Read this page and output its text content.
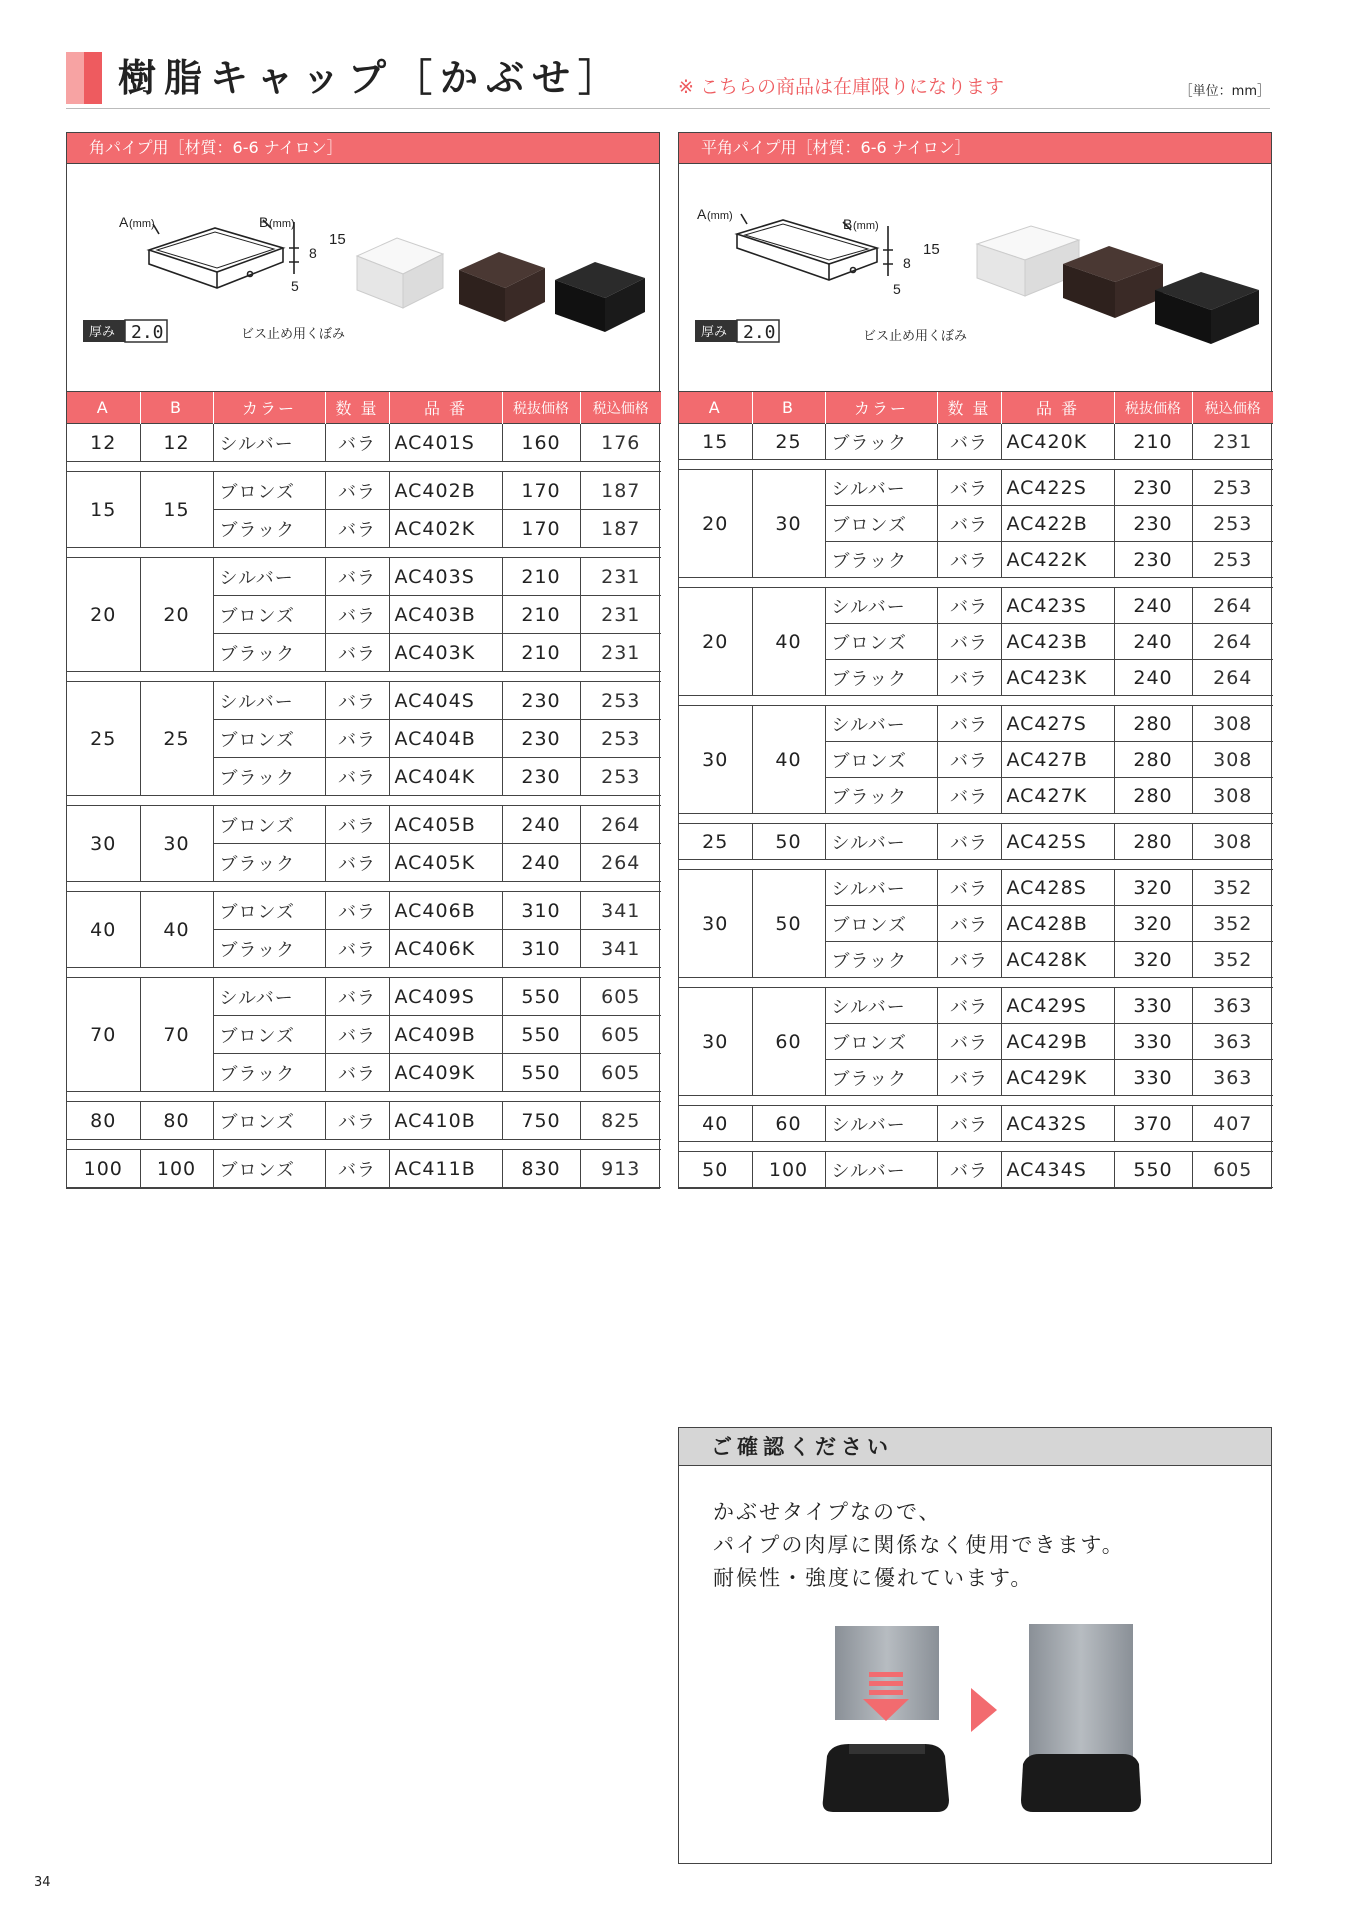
樹脂キャップ［かぶせ］	※ こちらの商品は在庫限りになります	［単位：mm］
角パイプ用［材質：6-6 ナイロン］
A (mm)	B (mm)
15
8
5
厚み 2.0	ビス止め用くぼみ
A	B	カラー	数 量	品 番	税抜価格	税込価格
12	12	シルバー	バラ	AC401S	160	176

15	15	ブロンズ	バラ	AC402B	170	187
		ブラック	バラ	AC402K	170	187

20	20	シルバー	バラ	AC403S	210	231
		ブロンズ	バラ	AC403B	210	231
		ブラック	バラ	AC403K	210	231

25	25	シルバー	バラ	AC404S	230	253
		ブロンズ	バラ	AC404B	230	253
		ブラック	バラ	AC404K	230	253

30	30	ブロンズ	バラ	AC405B	240	264
		ブラック	バラ	AC405K	240	264

40	40	ブロンズ	バラ	AC406B	310	341
		ブラック	バラ	AC406K	310	341

70	70	シルバー	バラ	AC409S	550	605
		ブロンズ	バラ	AC409B	550	605
		ブラック	バラ	AC409K	550	605

80	80	ブロンズ	バラ	AC410B	750	825

100	100	ブロンズ	バラ	AC411B	830	913
平角パイプ用［材質：6-6 ナイロン］
A (mm)	B (mm)
15
8
5
厚み 2.0	ビス止め用くぼみ
A	B	カラー	数 量	品 番	税抜価格	税込価格
15	25	ブラック	バラ	AC420K	210	231

20	30	シルバー	バラ	AC422S	230	253
		ブロンズ	バラ	AC422B	230	253
		ブラック	バラ	AC422K	230	253

20	40	シルバー	バラ	AC423S	240	264
		ブロンズ	バラ	AC423B	240	264
		ブラック	バラ	AC423K	240	264

30	40	シルバー	バラ	AC427S	280	308
		ブロンズ	バラ	AC427B	280	308
		ブラック	バラ	AC427K	280	308

25	50	シルバー	バラ	AC425S	280	308

30	50	シルバー	バラ	AC428S	320	352
		ブロンズ	バラ	AC428B	320	352
		ブラック	バラ	AC428K	320	352

30	60	シルバー	バラ	AC429S	330	363
		ブロンズ	バラ	AC429B	330	363
		ブラック	バラ	AC429K	330	363

40	60	シルバー	バラ	AC432S	370	407

50	100	シルバー	バラ	AC434S	550	605
ご確認ください
かぶせタイプなので、
パイプの肉厚に関係なく使用できます。
耐候性・強度に優れています。
34
